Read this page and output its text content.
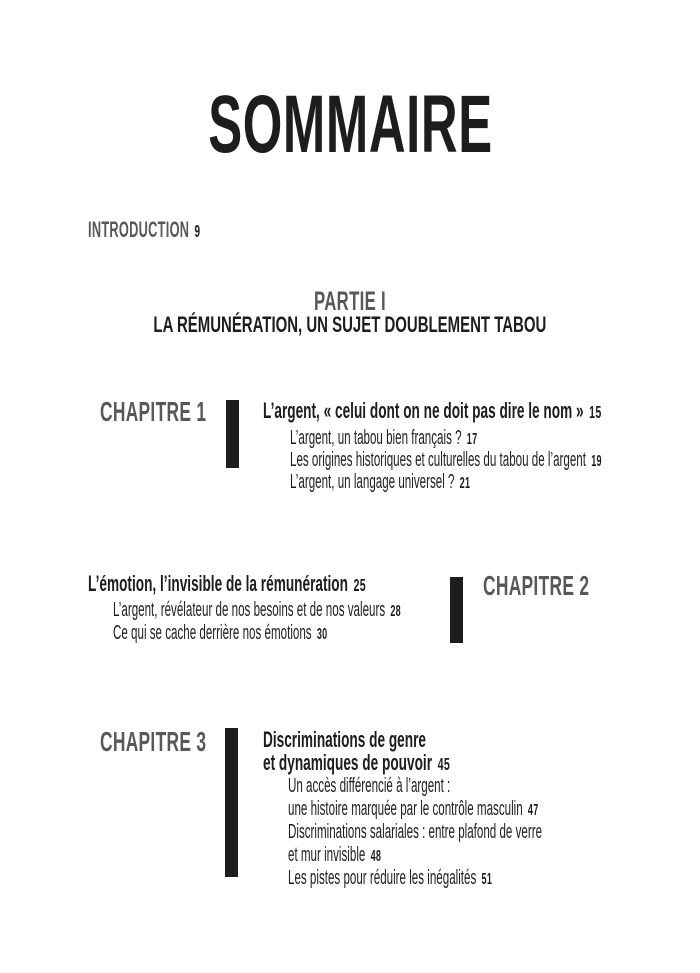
SOMMAIRE
INTRODUCTION 9
PARTIE I
LA RÉMUNÉRATION, UN SUJET DOUBLEMENT TABOU
CHAPITRE 1	L’argent, « celui dont on ne doit pas dire le nom » 15
L’argent, un tabou bien français ? 17
Les origines historiques et culturelles du tabou de l’argent 19
L’argent, un langage universel ? 21
L’émotion, l’invisible de la rémunération 25
L’argent, révélateur de nos besoins et de nos valeurs 28
Ce qui se cache derrière nos émotions 30
CHAPITRE 2
CHAPITRE 3	Discriminations de genre
et dynamiques de pouvoir 45
Un accès différencié à l’argent :
une histoire marquée par le contrôle masculin 47
Discriminations salariales : entre plafond de verre
et mur invisible 48
Les pistes pour réduire les inégalités 51
